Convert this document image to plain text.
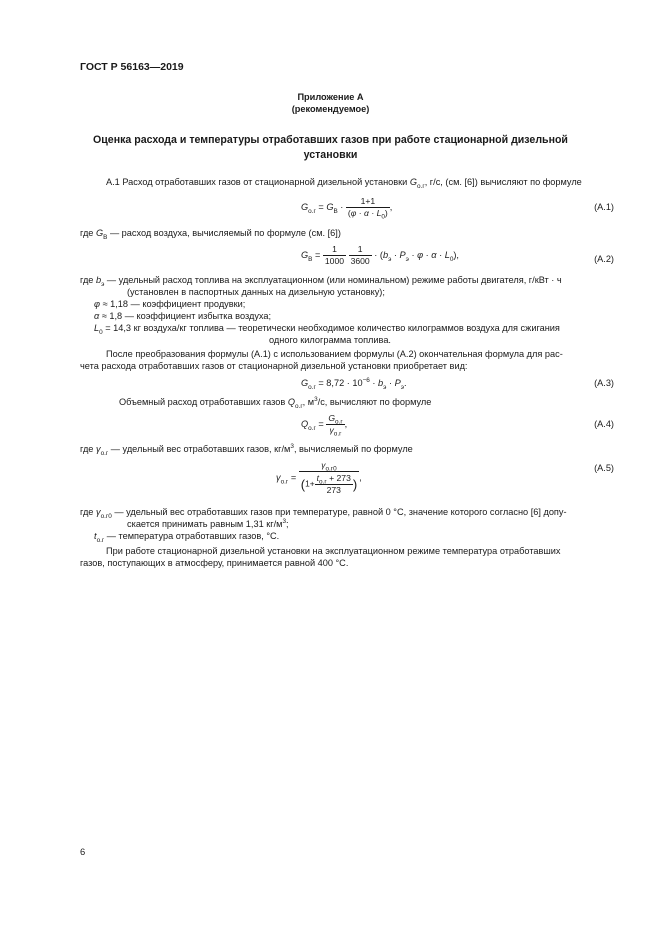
ГОСТ Р 56163—2019
Приложение А
(рекомендуемое)
Оценка расхода и температуры отработавших газов при работе стационарной дизельной
установки
А.1 Расход отработавших газов от стационарной дизельной установки $G_{о.г}$, г/с, (см. [6]) вычисляют по формуле
$G_{о.г} = G_В \cdot \frac{1+1}{(\varphi \cdot \alpha \cdot L_0)}$ ,	(А.1)
где $G_В$ — расход воздуха, вычисляемый по формуле (см. [6])
$G_В = \frac{1}{1000}$
$\frac{1}{3600} \cdot (b_э \cdot P_э \cdot \varphi \cdot \alpha \cdot L_0)$,	(А.2)
где $b_э$ — удельный расход топлива на эксплуатационном (или номинальном) режиме работы двигателя, г/кВт · ч
(установлен в паспортных данных на дизельную установку);
φ ≈ 1,18 — коэффициент продувки;
α ≈ 1,8 — коэффициент избытка воздуха;
$L_0 = 14,3$ кг воздуха/кг топлива — теоретически необходимое количество килограммов воздуха для сжигания
одного килограмма топлива.
После преобразования формулы (А.1) с использованием формулы (А.2) окончательная формула для рас-
чета расхода отработавших газов от стационарной дизельной установки приобретает вид:
$G_{о.г} = 8,72 \cdot 10^{-6} \cdot b_э \cdot P_э$.	(А.3)
Объемный расход отработавших газов $Q_{о.г}$, $м^3/с$, вычисляют по формуле
$Q_{о.г} = \frac{G_{о.г}}{\gamma_{о.г}}$ ,	(А.4)
где $\gamma_{о.г}$ — удельный вес отработавших газов, $кг/м^3$, вычисляемый по формуле
$\gamma_{о.г} = \frac{\gamma_{о.г0}}{(1+ \frac{t_{о.г} + 273}{273} )}$ ,
(А.5)
где $\gamma_{о.г0}$ — удельный вес отработавших газов при температуре, равной 0 °С, значение которого согласно [6] допу-
скается принимать равным 1,31 $кг/м^3$;
$t_{о.г}$ — температура отработавших газов, °С.
При работе стационарной дизельной установки на эксплуатационном режиме температура отработавших
газов, поступающих в атмосферу, принимается равной 400 °С.
6
